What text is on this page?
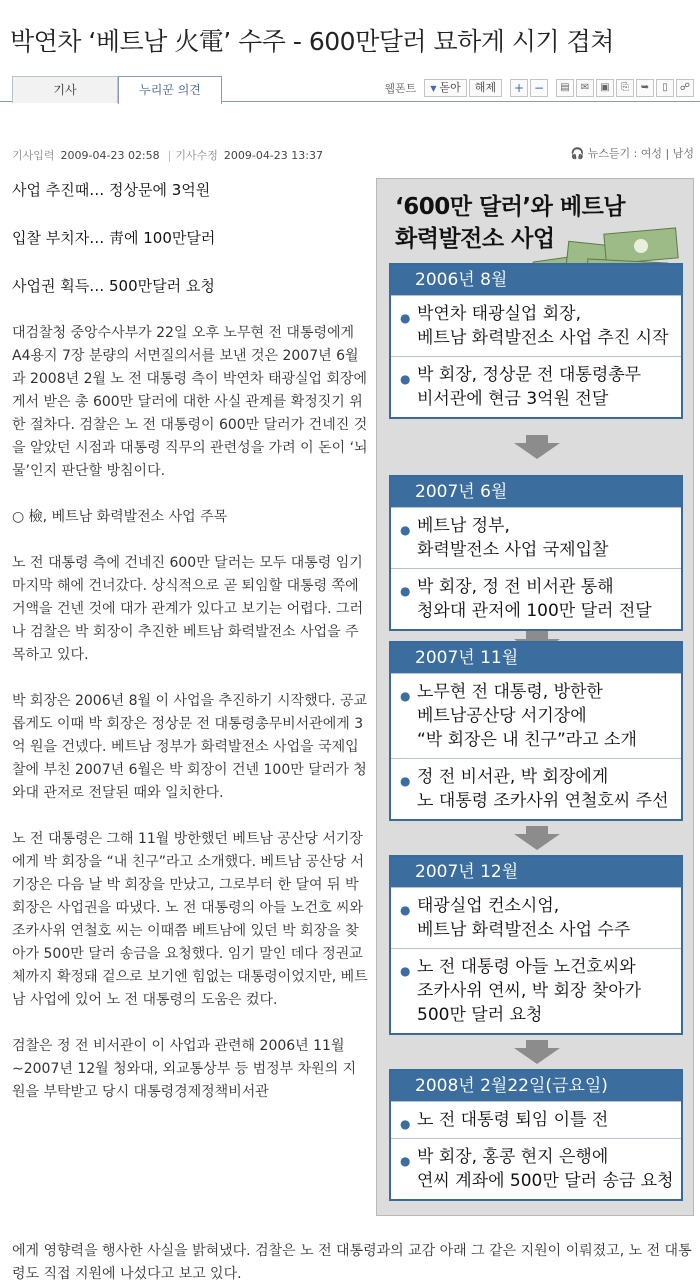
박연차 ‘베트남 火電’ 수주 - 600만달러 묘하게 시기 겹쳐
기사	누리꾼 의견	웹폰트	▼ 돋아	해제	+ −	▤	✉	▣	⎘	➥	▯	☍
기사입력 2009-04-23 02:58 | 기사수정 2009-04-23 13:37	🎧 뉴스듣기 : 여성 | 남성
사업 추진때… 정상문에 3억원
입찰 부치자… 靑에 100만달러
사업권 획득… 500만달러 요청

대검찰청 중앙수사부가 22일 오후 노무현 전 대통령에게 A4용지 7장 분량의 서면질의서를 보낸 것은 2007년 6월과 2008년 2월 노 전 대통령 측이 박연차 태광실업 회장에게서 받은 총 600만 달러에 대한 사실 관계를 확정짓기 위한 절차다. 검찰은 노 전 대통령이 600만 달러가 건네진 것을 알았던 시점과 대통령 직무의 관련성을 가려 이 돈이 ‘뇌물’인지 판단할 방침이다.

○ 檢, 베트남 화력발전소 사업 주목

노 전 대통령 측에 건네진 600만 달러는 모두 대통령 임기 마지막 해에 건너갔다. 상식적으로 곧 퇴임할 대통령 쪽에 거액을 건넨 것에 대가 관계가 있다고 보기는 어렵다. 그러나 검찰은 박 회장이 추진한 베트남 화력발전소 사업을 주목하고 있다.

박 회장은 2006년 8월 이 사업을 추진하기 시작했다. 공교롭게도 이때 박 회장은 정상문 전 대통령총무비서관에게 3억 원을 건넸다. 베트남 정부가 화력발전소 사업을 국제입찰에 부친 2007년 6월은 박 회장이 건넨 100만 달러가 청와대 관저로 전달된 때와 일치한다.

노 전 대통령은 그해 11월 방한했던 베트남 공산당 서기장에게 박 회장을 “내 친구”라고 소개했다. 베트남 공산당 서기장은 다음 날 박 회장을 만났고, 그로부터 한 달여 뒤 박 회장은 사업권을 따냈다. 노 전 대통령의 아들 노건호 씨와 조카사위 연철호 씨는 이때쯤 베트남에 있던 박 회장을 찾아가 500만 달러 송금을 요청했다. 임기 말인 데다 정권교체까지 확정돼 겉으로 보기엔 힘없는 대통령이었지만, 베트남 사업에 있어 노 전 대통령의 도움은 컸다.

검찰은 정 전 비서관이 이 사업과 관련해 2006년 11월∼2007년 12월 청와대, 외교통상부 등 범정부 차원의 지원을 부탁받고 당시 대통령경제정책비서관

에게 영향력을 행사한 사실을 밝혀냈다. 검찰은 노 전 대통령과의 교감 아래 그 같은 지원이 이뤄졌고, 노 전 대통령도 직접 지원에 나섰다고 보고 있다.

‘600만 달러’와 베트남
화력발전소 사업
2006년 8월
● 박연차 태광실업 회장,
베트남 화력발전소 사업 추진 시작
● 박 회장, 정상문 전 대통령총무
비서관에 현금 3억원 전달
2007년 6월
● 베트남 정부,
화력발전소 사업 국제입찰
● 박 회장, 정 전 비서관 통해
청와대 관저에 100만 달러 전달
2007년 11월
● 노무현 전 대통령, 방한한
베트남공산당 서기장에
“박 회장은 내 친구”라고 소개
● 정 전 비서관, 박 회장에게
노 대통령 조카사위 연철호씨 주선
2007년 12월
● 태광실업 컨소시엄,
베트남 화력발전소 사업 수주
● 노 전 대통령 아들 노건호씨와
조카사위 연씨, 박 회장 찾아가
500만 달러 요청
2008년 2월22일(금요일)
● 노 전 대통령 퇴임 이틀 전
● 박 회장, 홍콩 현지 은행에
연씨 계좌에 500만 달러 송금 요청
